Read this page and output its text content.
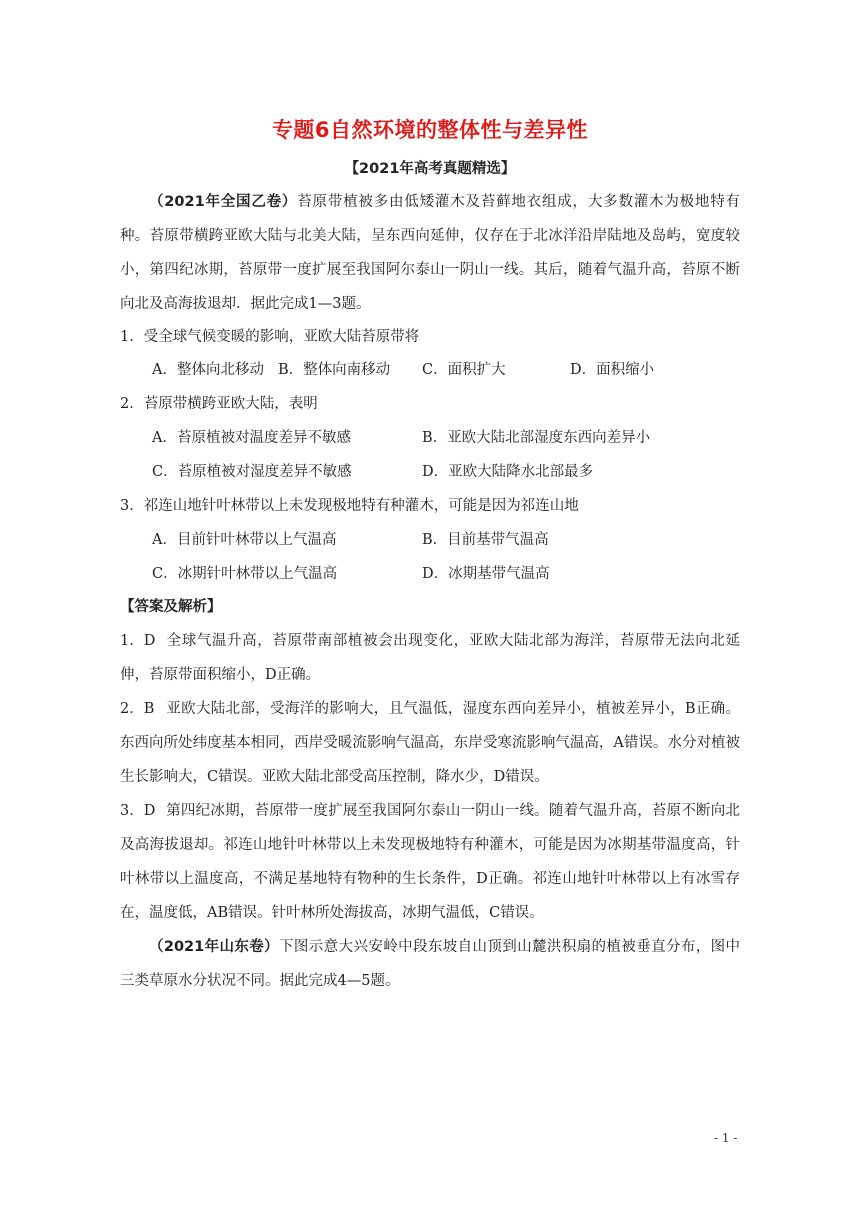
专题6自然环境的整体性与差异性
【2021年高考真题精选】

（2021年全国乙卷）苔原带植被多由低矮灌木及苔藓地衣组成，大多数灌木为极地特有种。苔原带横跨亚欧大陆与北美大陆，呈东西向延伸，仅存在于北冰洋沿岸陆地及岛屿，宽度较小，第四纪冰期，苔原带一度扩展至我国阿尔泰山一阴山一线。其后，随着气温升高，苔原不断向北及高海拔退却．据此完成1—3题。

1．受全球气候变暖的影响，亚欧大陆苔原带将
A．整体向北移动 B．整体向南移动 C．面积扩大	D．面积缩小
2．苔原带横跨亚欧大陆，表明
A．苔原植被对温度差异不敏感	B．亚欧大陆北部湿度东西向差异小
C．苔原植被对湿度差异不敏感	D．亚欧大陆降水北部最多
3．祁连山地针叶林带以上未发现极地特有种灌木，可能是因为祁连山地
A．目前针叶林带以上气温高	B．目前基带气温高
C．冰期针叶林带以上气温高	D．冰期基带气温高
【答案及解析】

1．D 全球气温升高，苔原带南部植被会出现变化，亚欧大陆北部为海洋，苔原带无法向北延伸，苔原带面积缩小，D正确。

2．B 亚欧大陆北部，受海洋的影响大，且气温低，湿度东西向差异小，植被差异小，B正确。东西向所处纬度基本相同，西岸受暖流影响气温高，东岸受寒流影响气温高，A错误。水分对植被生长影响大，C错误。亚欧大陆北部受高压控制，降水少，D错误。

3．D 第四纪冰期，苔原带一度扩展至我国阿尔泰山一阴山一线。随着气温升高，苔原不断向北及高海拔退却。祁连山地针叶林带以上未发现极地特有种灌木，可能是因为冰期基带温度高，针叶林带以上温度高，不满足基地特有物种的生长条件，D正确。祁连山地针叶林带以上有冰雪存在，温度低，AB错误。针叶林所处海拔高，冰期气温低，C错误。

（2021年山东卷）下图示意大兴安岭中段东坡自山顶到山麓洪积扇的植被垂直分布，图中三类草原水分状况不同。据此完成4—5题。

- 1 -
